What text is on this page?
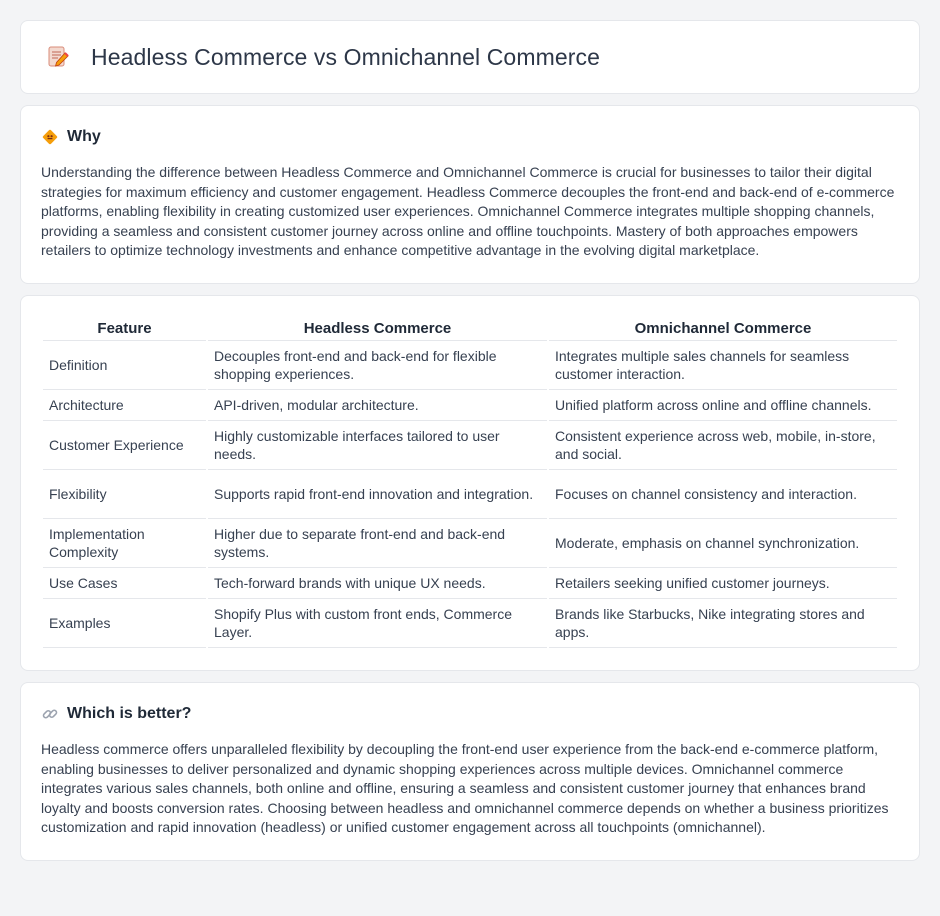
Headless Commerce vs Omnichannel Commerce
Why

Understanding the difference between Headless Commerce and Omnichannel Commerce is crucial for businesses to tailor their digital strategies for maximum efficiency and customer engagement. Headless Commerce decouples the front-end and back-end of e-commerce platforms, enabling flexibility in creating customized user experiences. Omnichannel Commerce integrates multiple shopping channels, providing a seamless and consistent customer journey across online and offline touchpoints. Mastery of both approaches empowers retailers to optimize technology investments and enhance competitive advantage in the evolving digital marketplace.

Feature	Headless Commerce	Omnichannel Commerce
Definition	Decouples front-end and back-end for flexible shopping experiences.	Integrates multiple sales channels for seamless customer interaction.
Architecture	API-driven, modular architecture.	Unified platform across online and offline channels.
Customer Experience	Highly customizable interfaces tailored to user needs.	Consistent experience across web, mobile, in-store, and social.
Flexibility	Supports rapid front-end innovation and integration.	Focuses on channel consistency and interaction.
Implementation Complexity	Higher due to separate front-end and back-end systems.	Moderate, emphasis on channel synchronization.
Use Cases	Tech-forward brands with unique UX needs.	Retailers seeking unified customer journeys.
Examples	Shopify Plus with custom front ends, Commerce Layer.	Brands like Starbucks, Nike integrating stores and apps.
Which is better?

Headless commerce offers unparalleled flexibility by decoupling the front-end user experience from the back-end e-commerce platform, enabling businesses to deliver personalized and dynamic shopping experiences across multiple devices. Omnichannel commerce integrates various sales channels, both online and offline, ensuring a seamless and consistent customer journey that enhances brand loyalty and boosts conversion rates. Choosing between headless and omnichannel commerce depends on whether a business prioritizes customization and rapid innovation (headless) or unified customer engagement across all touchpoints (omnichannel).
